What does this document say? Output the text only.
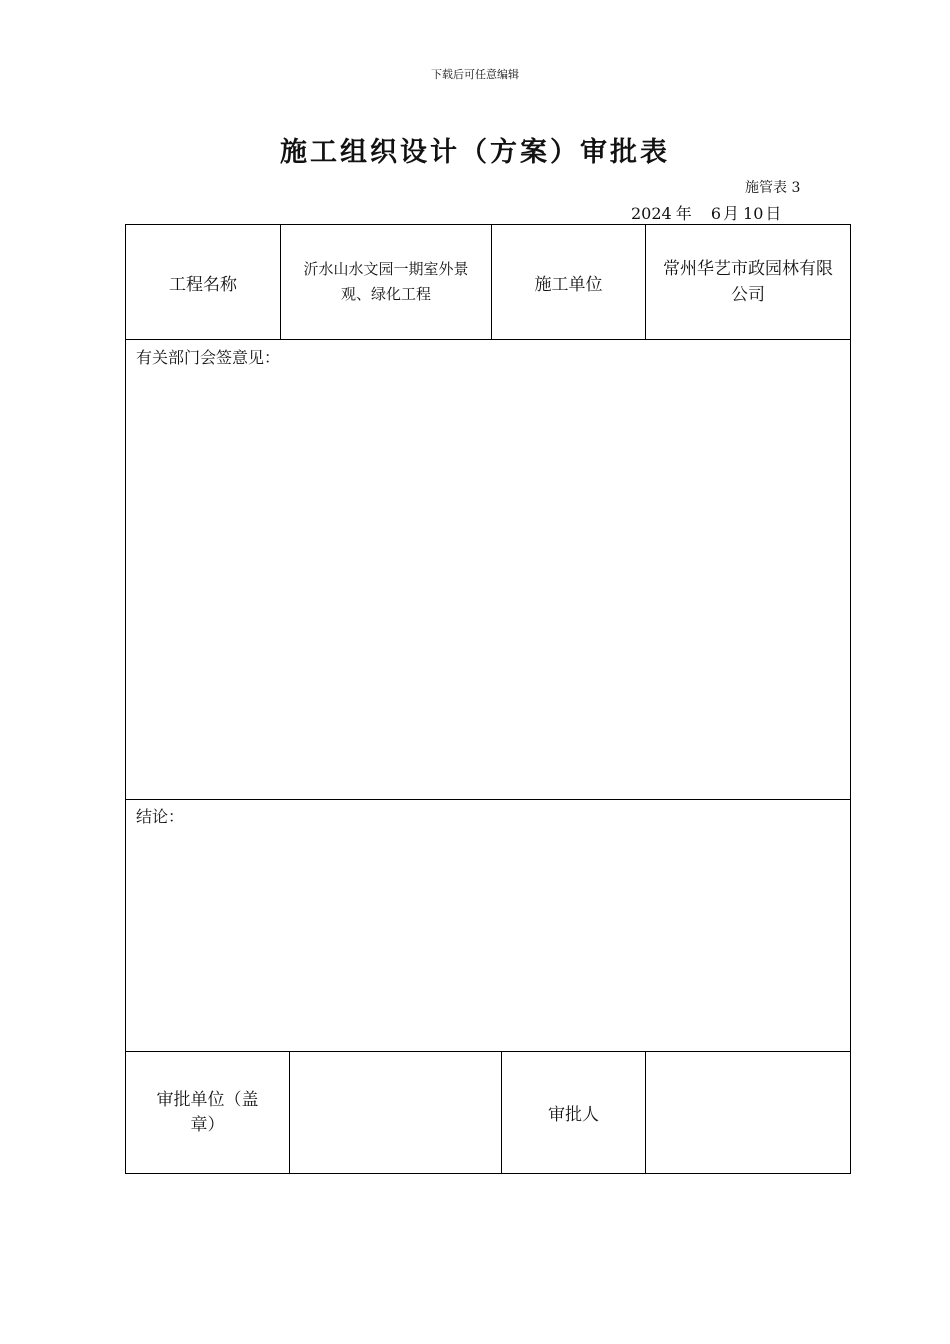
下载后可任意编辑
施工组织设计（方案）审批表
施管表 3
2024 年 6 月 10 日
工程名称
沂水山水文园一期室外景观、绿化工程	施工单位
常州华艺市政园林有限公司
有关部门会签意见：
结论：
审批单位（盖章）	审批人
